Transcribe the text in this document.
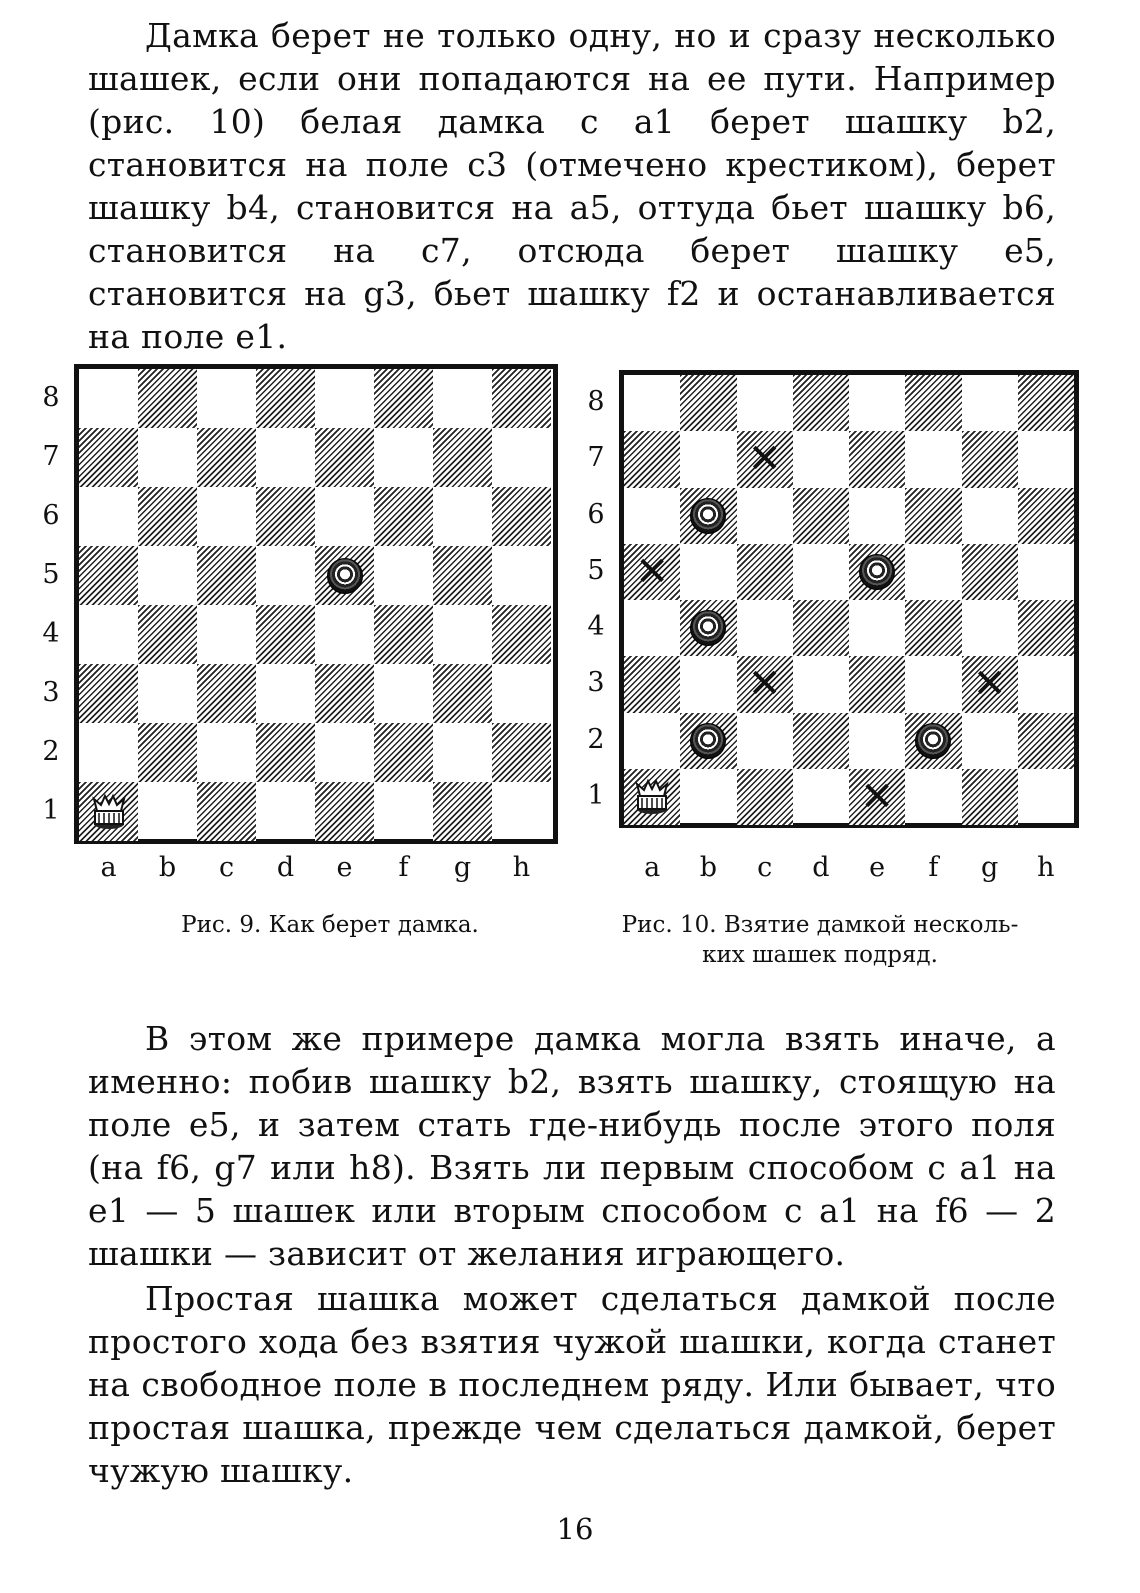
Дамка берет не только одну, но и сразу несколько шашек, если они попадаются на ее пути. Например (рис. 10) белая дамка с a1 берет шашку b2, становится на поле c3 (отмечено крестиком), берет шашку b4, становится на a5, оттуда бьет шашку b6, становится на c7, отсюда берет шашку e5, становится на g3, бьет шашку f2 и останавливается на поле e1.

8
7
6
5
4
3
2
1
a b c d e	f	g h
✕
✕
✕	✕
✕
8
7
6
5
4
3
2
1
a b c d e	f	g h
Рис. 9. Как берет дамка.	Рис. 10. Взятие дамкой несколь-
ких шашек подряд.

В этом же примере дамка могла взять иначе, а именно: побив шашку b2, взять шашку, стоящую на поле e5, и затем стать где-нибудь после этого поля (на f6, g7 или h8). Взять ли первым способом с a1 на e1 — 5 шашек или вторым способом с a1 на f6 — 2 шашки — зависит от желания играющего.

Простая шашка может сделаться дамкой после простого хода без взятия чужой шашки, когда станет на свободное поле в последнем ряду. Или бывает, что простая шашка, прежде чем сделаться дамкой, берет чужую шашку.

16
